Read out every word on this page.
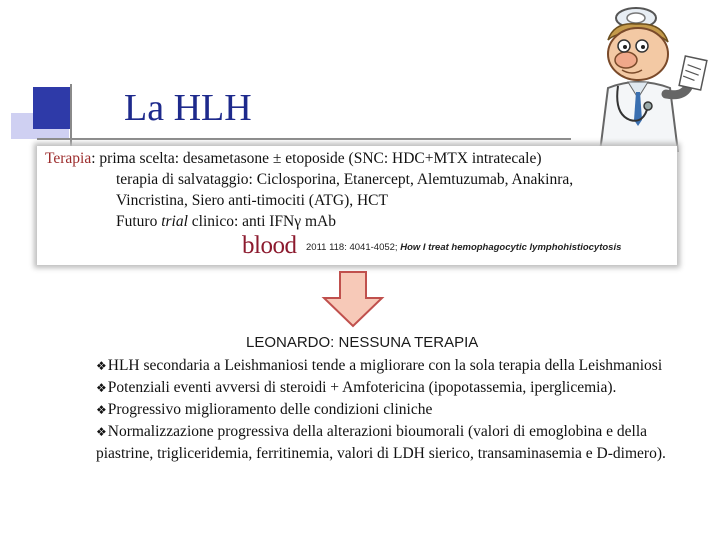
La HLH
Terapia: prima scelta: desametasone ± etoposide (SNC: HDC+MTX intratecale)
terapia di salvataggio: Ciclosporina, Etanercept, Alemtuzumab, Anakinra,
Vincristina, Siero anti-timociti (ATG), HCT
Futuro trial clinico: anti IFNγ mAb
blood 2011 118: 4041-4052; How I treat hemophagocytic lymphohistiocytosis
LEONARDO: NESSUNA TERAPIA

❖HLH secondaria a Leishmaniosi tende a migliorare con la sola terapia della Leishmaniosi

❖Potenziali eventi avversi di steroidi + Amfotericina (ipopotassemia, iperglicemia).

❖Progressivo miglioramento delle condizioni cliniche

❖Normalizzazione progressiva della alterazioni bioumorali (valori di emoglobina e della piastrine, trigliceridemia, ferritinemia, valori di LDH sierico, transaminasemia e D-dimero).
